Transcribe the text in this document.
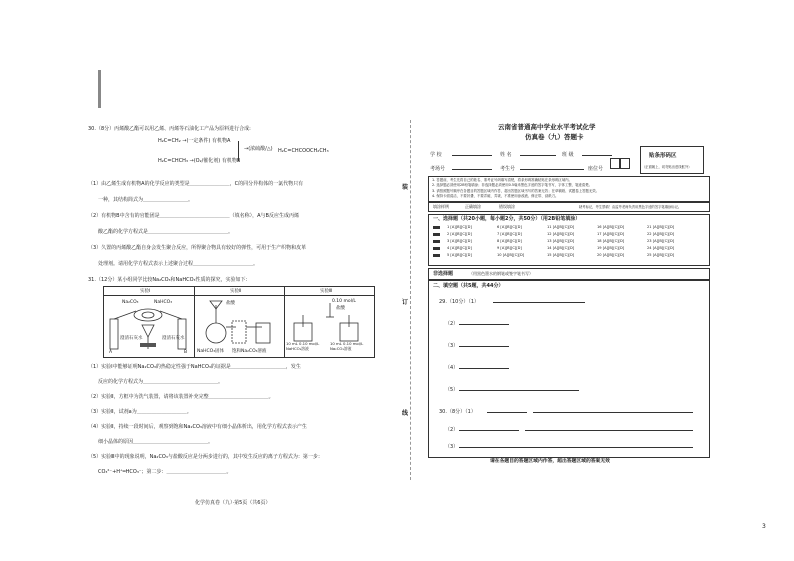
30.（8分）丙烯酸乙酯可以用乙烯、丙烯等石油化工产品为原料进行合成:
H₂C=CH₂ →(一定条件) 有机物A
→(浓硫酸/△)
H₂C=CHCH₃ →(O₂/催化剂) 有机物B
H₂C=CHCOOCH₂CH₃
（1）由乙烯生成有机物A的化学反应的类型是＿＿＿＿＿＿＿＿，C的同分异构体的一氯代物只有
一种，其结构简式为＿＿＿＿＿＿＿＿＿。
（2）有机物B中含有的官能团是＿＿＿＿＿＿＿＿＿＿＿＿＿＿（填名称），A与B反应生成丙烯
酸乙酯的化学方程式是＿＿＿＿＿＿＿＿＿＿＿＿＿＿＿＿。
（3）久置的丙烯酸乙酯自身会发生聚合反应，所得聚合物具有较好的弹性，可用于生产织物和皮革
处理剂。请用化学方程式表示上述聚合过程＿＿＿＿＿＿＿＿＿＿＿＿。
31.（12分）某小组同学比较Na₂CO₃和NaHCO₃性质的探究，实验如下：
实验Ⅰ	实验Ⅱ	实验Ⅲ
Na₂CO₃	NaHCO₃
澄清石灰水	澄清石灰水
A	B
盐酸
NaHCO₃固体 饱和Na₂CO₃溶液
0.10 mol/L
盐酸
10 mL 0.10 mol/L NaHCO₃溶液
10 mL 0.10 mol/L Na₂CO₃溶液
（1）实验Ⅰ中能够证明Na₂CO₃的热稳定性强于NaHCO₃的证据是＿＿＿＿＿＿＿＿＿＿＿，发生
反应的化学方程式为＿＿＿＿＿＿＿＿＿＿＿＿＿＿＿。
（2）实验Ⅱ，方框中为洗气装置，请将该装置补充完整＿＿＿＿＿＿＿＿＿＿＿＿。
（3）实验Ⅱ，试剂a为＿＿＿＿＿＿＿＿＿＿。
（4）实验Ⅱ，持续一段时间后，观察到饱和Na₂CO₃溶液中有细小晶体析出，用化学方程式表示产生
细小晶体的原因＿＿＿＿＿＿＿＿＿＿＿＿＿＿＿。
（5）实验Ⅲ中的现象说明，Na₂CO₃与盐酸反应是分两步进行的，其中发生反应的离子方程式为：第一步：
CO₃²⁻+H⁺═HCO₃⁻；第二步：＿＿＿＿＿＿＿＿＿＿＿＿。
化学仿真卷（九）·第5页（共6页）
装
订
线
云南省普通高中学业水平考试化学
仿真卷（九）答题卡
学 校	姓 名	班 级
考场号	考生号	座位号
贴条形码区
（正面朝上，切勿贴出虚线框外）
1. 答题前，考生先将自己的姓名、准考证号码填写清楚，将条形码准确粘贴在条形码区域内。
2. 选择题必须使用2B铅笔填涂；非选择题必须使用0.5毫米黑色字迹的签字笔书写，字体工整、笔迹清楚。
3. 请按照题号顺序在各题目的答题区域内作答，超出答题区域书写的答案无效；在草稿纸、试题卷上答题无效。
4. 保持卡面清洁，不要折叠、不要弄破、弄皱，不准使用涂改液、修正带、刮纸刀。
填涂样例	正确填涂	错误填涂	缺考标记，考生禁填！由监考老师负责用黑色字迹的签字笔填涂标记。
一、选择题（共20小题，每小题2分，共50分）（用2B铅笔填涂）
1 [A][B][C][D]	6 [A][B][C][D]	11 [A][B][C][D]	16 [A][B][C][D]	21 [A][B][C][D]
2 [A][B][C][D]	7 [A][B][C][D]	12 [A][B][C][D]	17 [A][B][C][D]	22 [A][B][C][D]
3 [A][B][C][D]	8 [A][B][C][D]	13 [A][B][C][D]	18 [A][B][C][D]	23 [A][B][C][D]
4 [A][B][C][D]	9 [A][B][C][D]	14 [A][B][C][D]	19 [A][B][C][D]	24 [A][B][C][D]
5 [A][B][C][D]	10 [A][B][C][D]	15 [A][B][C][D]	20 [A][B][C][D]	25 [A][B][C][D]
非选择题	（用黑色墨水的钢笔或签字笔书写）
二、填空题（共5题，共44分）
29.（10分）（1）
（2）
（3）
（4）
（5）
30.（8分）（1）
（2）
（3）
请在各题目的答题区域内作答，超出答题区域的答案无效
3
